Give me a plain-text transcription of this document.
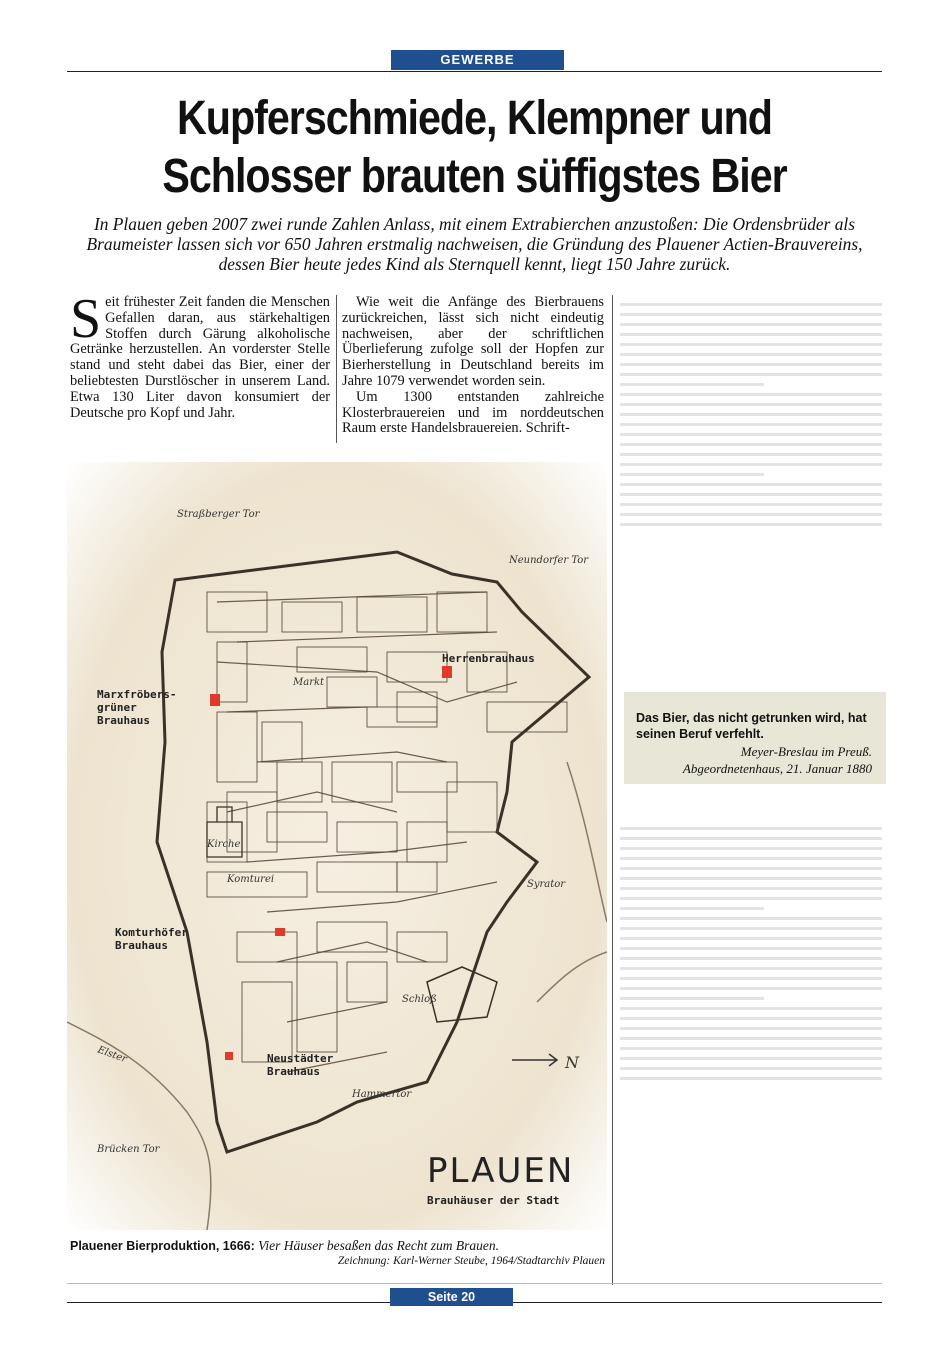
GEWERBE
Kupferschmiede, Klempner und
Schlosser brauten süffigstes Bier
In Plauen geben 2007 zwei runde Zahlen Anlass, mit einem Extrabierchen anzustoßen: Die Ordensbrüder als Braumeister lassen sich vor 650 Jahren erstmalig nachweisen, die Gründung des Plauener Actien-Brauvereins, dessen Bier heute jedes Kind als Sternquell kennt, liegt 150 Jahre zurück.
S eit frühester Zeit fanden die Menschen Gefallen daran, aus stärkehaltigen Stoffen durch Gärung alkoholische Getränke herzustellen. An vorderster Stelle stand und steht dabei das Bier, einer der beliebtesten Durstlöscher in unserem Land. Etwa 130 Liter davon konsumiert der Deutsche pro Kopf und Jahr.

Wie weit die Anfänge des Bierbrauens zurückreichen, lässt sich nicht eindeutig nachweisen, aber der schriftlichen Überlieferung zufolge soll der Hopfen zur Bierherstellung in Deutschland bereits im Jahre 1079 verwendet worden sein.

Um 1300 entstanden zahlreiche Klosterbrauereien und im norddeutschen Raum erste Handelsbrauereien. Schrift-

Straßberger Tor
Neundorfer Tor
Markt
Kirche
Komturei	Syrator
Schloß
Hammertor
Brücken Tor
Elster	N
Herrenbrauhaus
Marxfröbers-
grüner
Brauhaus
Komturhöfer
Brauhaus
Neustädter
Brauhaus
PLAUEN
Brauhäuser der Stadt
Plauener Bierproduktion, 1666: Vier Häuser besaßen das Recht zum Brauen.
Zeichnung: Karl-Werner Steube, 1964/Stadtarchiv Plauen
Das Bier, das nicht getrunken wird, hat seinen Beruf verfehlt.
Meyer-Breslau im Preuß.
Abgeordnetenhaus, 21. Januar 1880
Seite 20
